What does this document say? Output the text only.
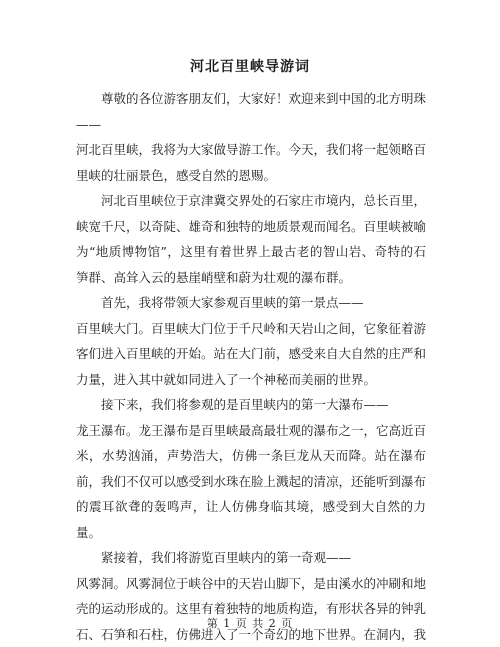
河北百里峡导游词

尊敬的各位游客朋友们，大家好！欢迎来到中国的北方明珠——

河北百里峡，我将为大家做导游工作。今天，我们将一起领略百里峡的壮丽景色，感受自然的恩赐。

河北百里峡位于京津冀交界处的石家庄市境内，总长百里，峡宽千尺，以奇陡、雄奇和独特的地质景观而闻名。百里峡被喻为“地质博物馆”，这里有着世界上最古老的智山岩、奇特的石笋群、高耸入云的悬崖峭壁和蔚为壮观的瀑布群。

首先，我将带领大家参观百里峡的第一景点——

百里峡大门。百里峡大门位于千尺岭和天岩山之间，它象征着游客们进入百里峡的开始。站在大门前，感受来自大自然的庄严和力量，进入其中就如同进入了一个神秘而美丽的世界。

接下来，我们将参观的是百里峡内的第一大瀑布——

龙王瀑布。龙王瀑布是百里峡最高最壮观的瀑布之一，它高近百米，水势汹涌，声势浩大，仿佛一条巨龙从天而降。站在瀑布前，我们不仅可以感受到水珠在脸上溅起的清凉，还能听到瀑布的震耳欲聋的轰鸣声，让人仿佛身临其境，感受到大自然的力量。

紧接着，我们将游览百里峡内的第一奇观——

风雾洞。风雾洞位于峡谷中的天岩山脚下，是由溪水的冲刷和地壳的运动形成的。这里有着独特的地质构造，有形状各异的钟乳石、石笋和石柱，仿佛进入了一个奇幻的地下世界。在洞内，我

第 1 页 共 2 页
